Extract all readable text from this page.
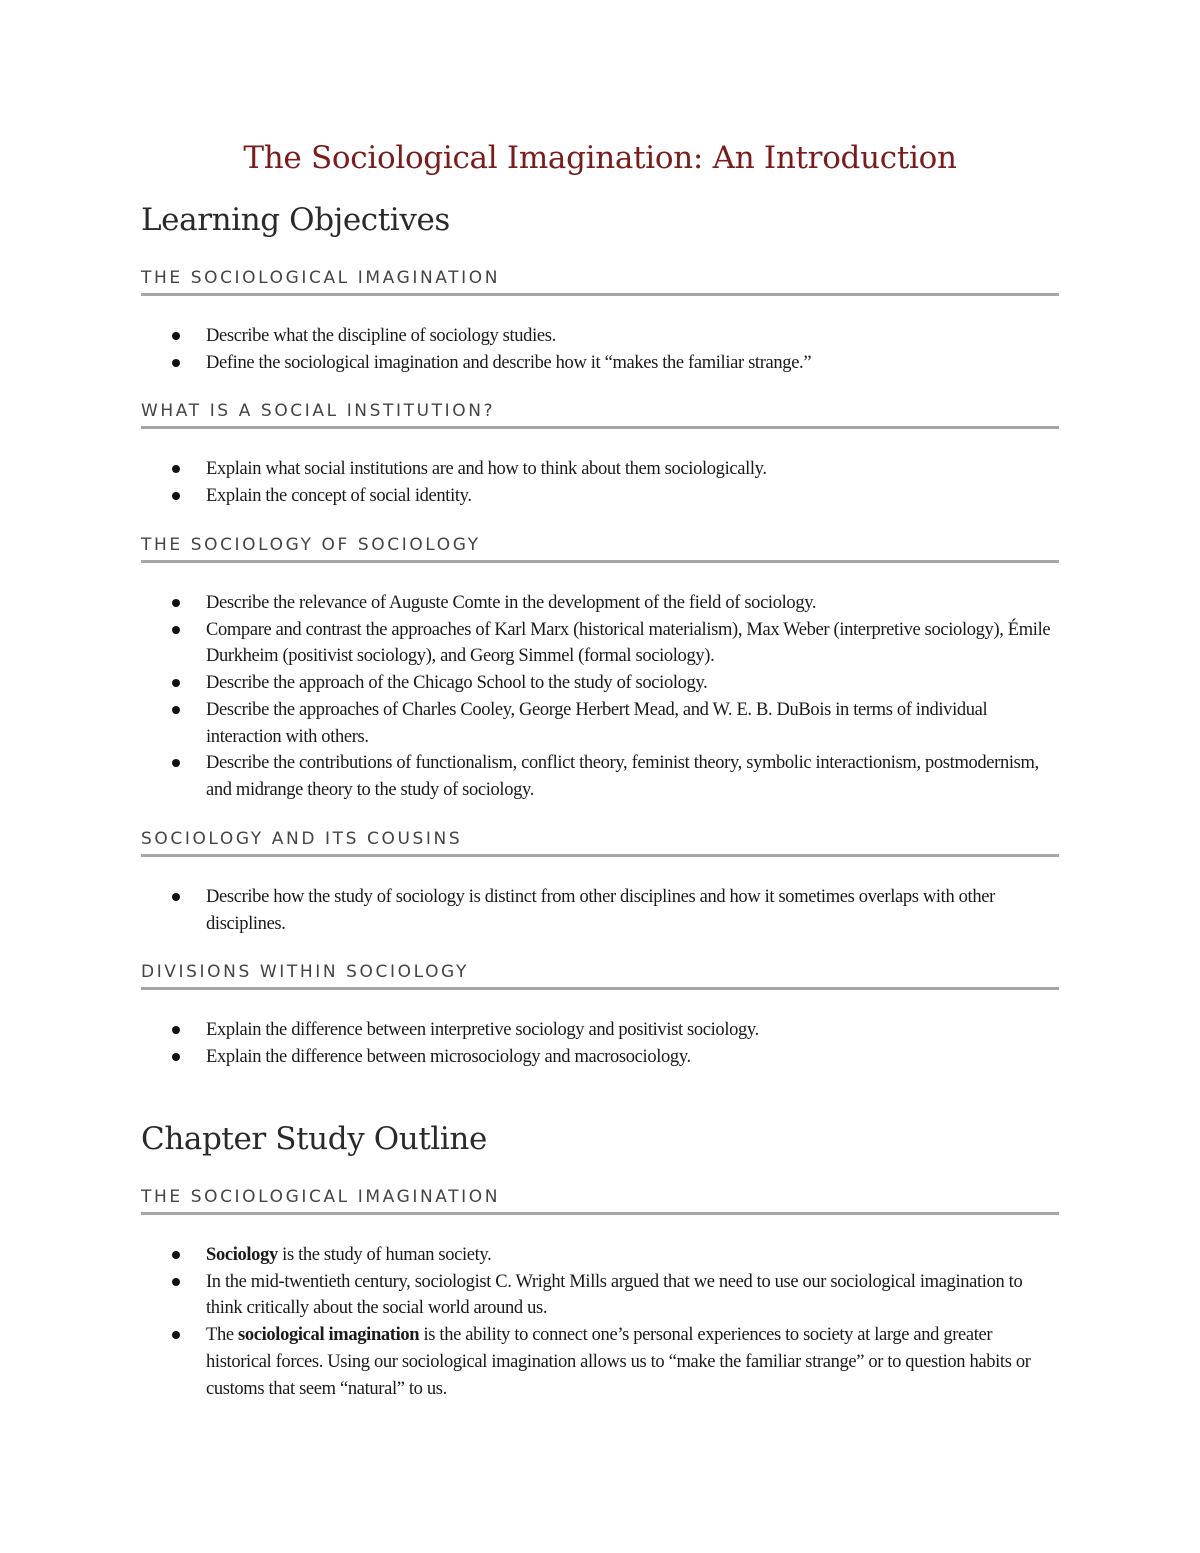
The Sociological Imagination: An Introduction
Learning Objectives
THE SOCIOLOGICAL IMAGINATION
Describe what the discipline of sociology studies.
Define the sociological imagination and describe how it “makes the familiar strange.”
WHAT IS A SOCIAL INSTITUTION?
Explain what social institutions are and how to think about them sociologically.
Explain the concept of social identity.
THE SOCIOLOGY OF SOCIOLOGY
Describe the relevance of Auguste Comte in the development of the field of sociology.
Compare and contrast the approaches of Karl Marx (historical materialism), Max Weber (interpretive sociology), Émile Durkheim (positivist sociology), and Georg Simmel (formal sociology).
Describe the approach of the Chicago School to the study of sociology.
Describe the approaches of Charles Cooley, George Herbert Mead, and W. E. B. DuBois in terms of individual interaction with others.
Describe the contributions of functionalism, conflict theory, feminist theory, symbolic interactionism, postmodernism, and midrange theory to the study of sociology.
SOCIOLOGY AND ITS COUSINS
Describe how the study of sociology is distinct from other disciplines and how it sometimes overlaps with other disciplines.
DIVISIONS WITHIN SOCIOLOGY
Explain the difference between interpretive sociology and positivist sociology.
Explain the difference between microsociology and macrosociology.
Chapter Study Outline
THE SOCIOLOGICAL IMAGINATION
Sociology is the study of human society.
In the mid-twentieth century, sociologist C. Wright Mills argued that we need to use our sociological imagination to think critically about the social world around us.
The sociological imagination is the ability to connect one’s personal experiences to society at large and greater historical forces. Using our sociological imagination allows us to “make the familiar strange” or to question habits or customs that seem “natural” to us.
